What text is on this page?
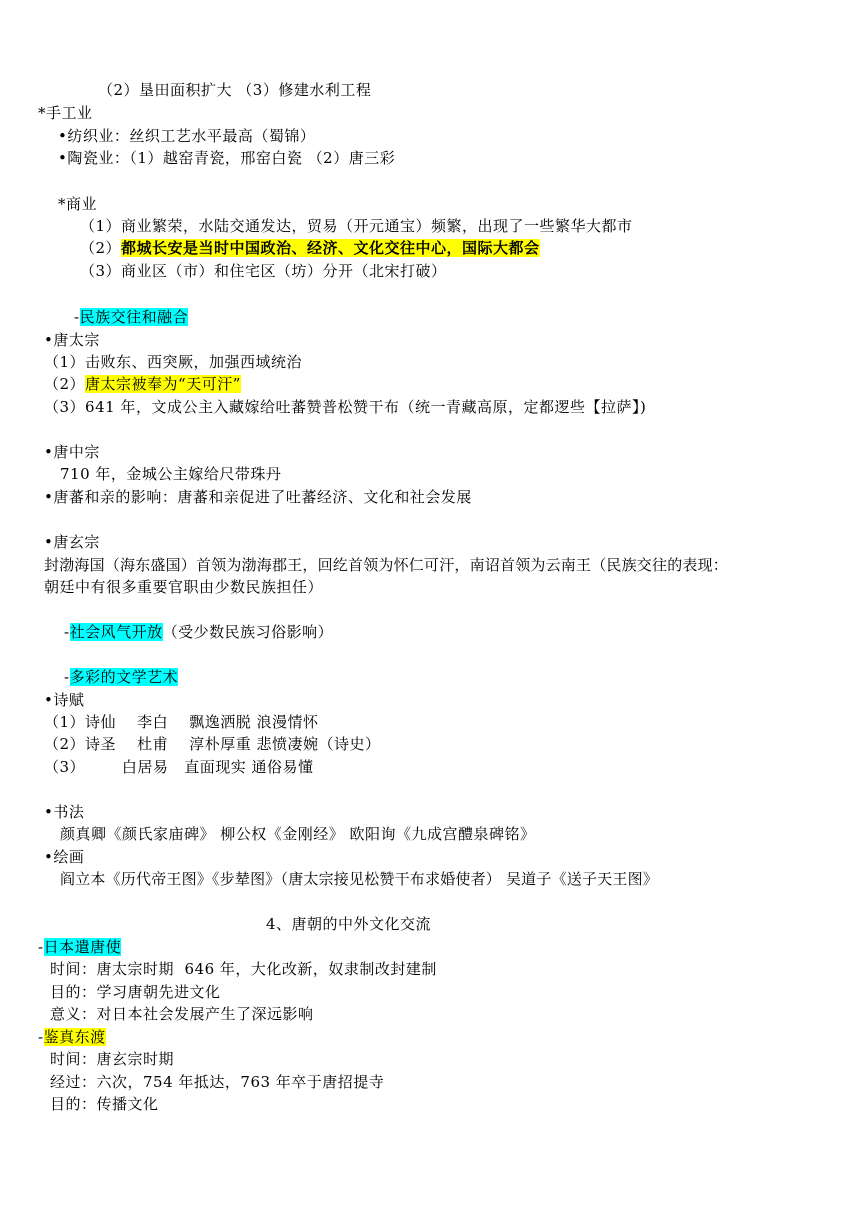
（2）垦田面积扩大 （3）修建水利工程
*手工业
•纺织业：丝织工艺水平最高（蜀锦）
•陶瓷业：（1）越窑青瓷，邢窑白瓷 （2）唐三彩
*商业
（1）商业繁荣，水陆交通发达，贸易（开元通宝）频繁，出现了一些繁华大都市
（2）都城长安是当时中国政治、经济、文化交往中心，国际大都会
（3）商业区（市）和住宅区（坊）分开（北宋打破）
-民族交往和融合
•唐太宗
（1）击败东、西突厥，加强西域统治
（2）唐太宗被奉为“天可汗”
（3）641 年，文成公主入藏嫁给吐蕃赞普松赞干布（统一青藏高原，定都逻些【拉萨】)
•唐中宗
710 年，金城公主嫁给尺带珠丹
•唐蕃和亲的影响：唐蕃和亲促进了吐蕃经济、文化和社会发展
•唐玄宗
封渤海国（海东盛国）首领为渤海郡王，回纥首领为怀仁可汗，南诏首领为云南王（民族交往的表现：
朝廷中有很多重要官职由少数民族担任）
-社会风气开放（受少数民族习俗影响）
-多彩的文学艺术
•诗赋
（1）诗仙    李白    飘逸洒脱 浪漫情怀
（2）诗圣    杜甫    淳朴厚重 悲愤凄婉（诗史）
（3）       白居易   直面现实 通俗易懂
•书法
颜真卿《颜氏家庙碑》 柳公权《金刚经》 欧阳询《九成宫醴泉碑铭》
•绘画
阎立本《历代帝王图》《步辇图》（唐太宗接见松赞干布求婚使者） 吴道子《送子天王图》
4、唐朝的中外文化交流
-日本遣唐使
时间：唐太宗时期  646 年，大化改新，奴隶制改封建制
目的：学习唐朝先进文化
意义：对日本社会发展产生了深远影响
-鉴真东渡
时间：唐玄宗时期
经过：六次，754 年抵达，763 年卒于唐招提寺
目的：传播文化
